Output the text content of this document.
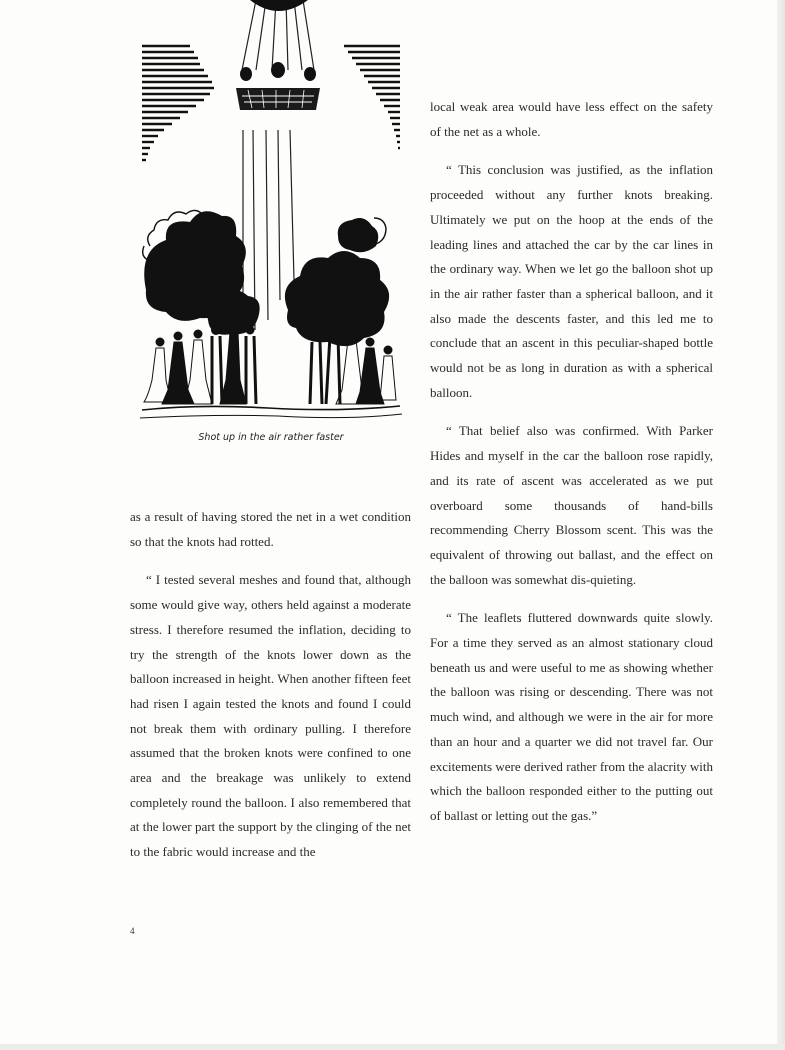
Shot up in the air rather faster

as a result of having stored the net in a wet condition so that the knots had rotted.

“ I tested several meshes and found that, although some would give way, others held against a moderate stress. I therefore resumed the inflation, deciding to try the strength of the knots lower down as the balloon increased in height. When another fifteen feet had risen I again tested the knots and found I could not break them with ordinary pulling. I therefore assumed that the broken knots were confined to one area and the breakage was unlikely to extend completely round the balloon. I also remembered that at the lower part the support by the clinging of the net to the fabric would increase and the

local weak area would have less effect on the safety of the net as a whole.

“ This conclusion was justified, as the inflation proceeded without any further knots breaking. Ultimately we put on the hoop at the ends of the leading lines and attached the car by the car lines in the ordinary way. When we let go the balloon shot up in the air rather faster than a spherical balloon, and it also made the descents faster, and this led me to conclude that an ascent in this peculiar-shaped bottle would not be as long in duration as with a spherical balloon.

“ That belief also was confirmed. With Parker Hides and myself in the car the balloon rose rapidly, and its rate of ascent was accelerated as we put overboard some thousands of hand-bills recommending Cherry Blossom scent. This was the equivalent of throwing out ballast, and the effect on the balloon was somewhat dis-quieting.

“ The leaflets fluttered downwards quite slowly. For a time they served as an almost stationary cloud beneath us and were useful to me as showing whether the balloon was rising or descending. There was not much wind, and although we were in the air for more than an hour and a quarter we did not travel far. Our excitements were derived rather from the alacrity with which the balloon responded either to the putting out of ballast or letting out the gas.”

4
